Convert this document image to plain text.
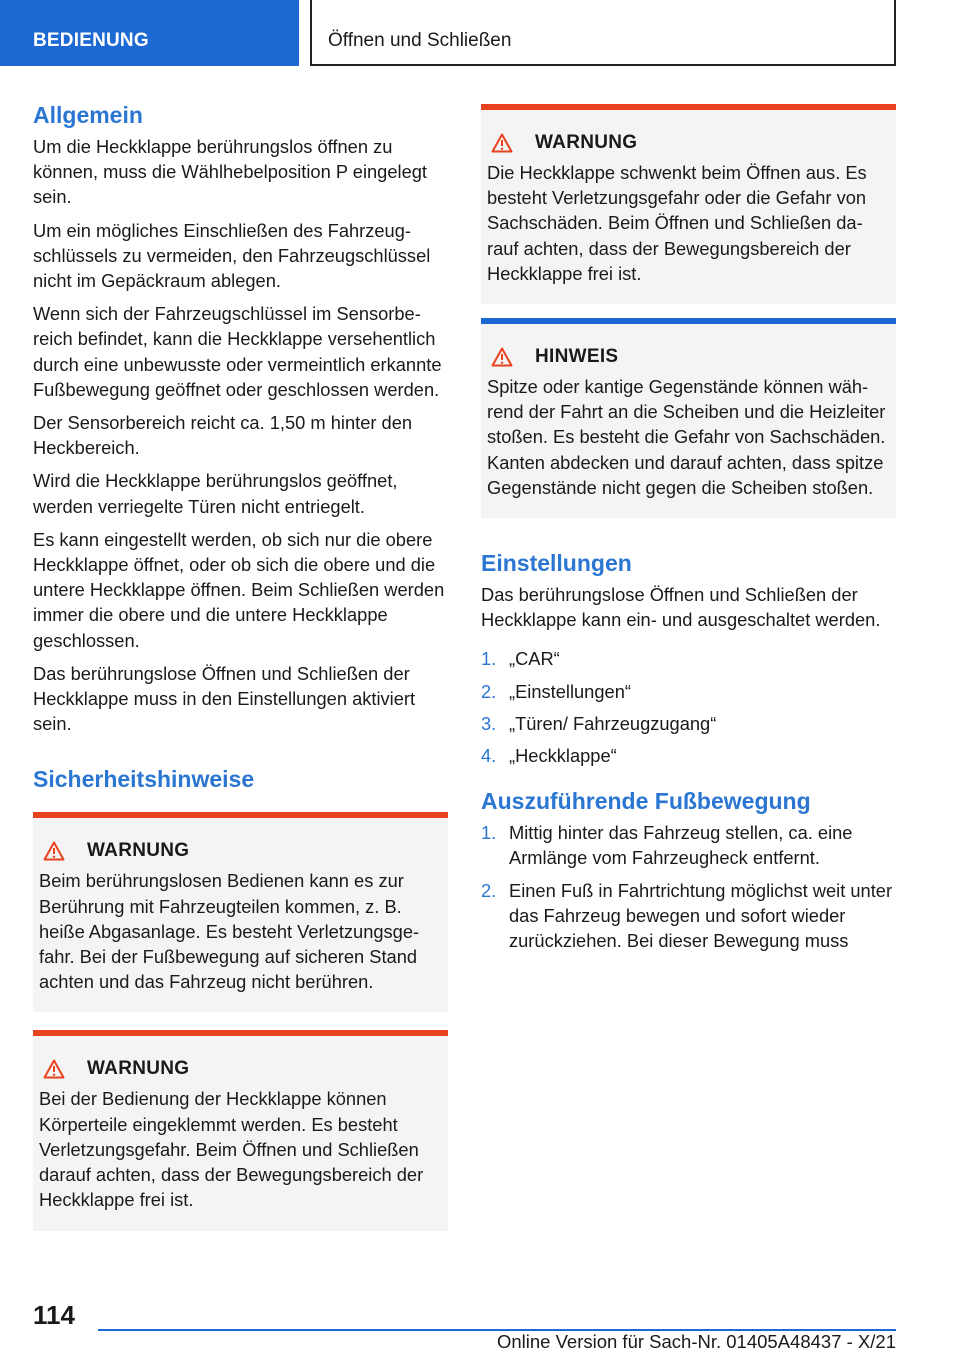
BEDIENUNG	Öffnen und Schließen
Allgemein

Um die Heckklappe berührungslos öffnen zu können, muss die Wählhebelposition P eingelegt sein.

Um ein mögliches Einschließen des Fahrzeugschlüssels zu vermeiden, den Fahrzeugschlüssel nicht im Gepäckraum ablegen.

Wenn sich der Fahrzeugschlüssel im Sensorbereich befindet, kann die Heckklappe versehentlich durch eine unbewusste oder vermeintlich erkannte Fußbewegung geöffnet oder geschlossen werden.

Der Sensorbereich reicht ca. 1,50 m hinter den Heckbereich.

Wird die Heckklappe berührungslos geöffnet, werden verriegelte Türen nicht entriegelt.

Es kann eingestellt werden, ob sich nur die obere Heckklappe öffnet, oder ob sich die obere und die untere Heckklappe öffnen. Beim Schließen werden immer die obere und die untere Heckklappe geschlossen.

Das berührungslose Öffnen und Schließen der Heckklappe muss in den Einstellungen aktiviert sein.

Sicherheitshinweise
WARNUNG

Beim berührungslosen Bedienen kann es zur Berührung mit Fahrzeugteilen kommen, z. B. heiße Abgasanlage. Es besteht Verletzungsgefahr. Bei der Fußbewegung auf sicheren Stand achten und das Fahrzeug nicht berühren.

WARNUNG

Bei der Bedienung der Heckklappe können Körperteile eingeklemmt werden. Es besteht Verletzungsgefahr. Beim Öffnen und Schließen darauf achten, dass der Bewegungsbereich der Heckklappe frei ist.

WARNUNG

Die Heckklappe schwenkt beim Öffnen aus. Es besteht Verletzungsgefahr oder die Gefahr von Sachschäden. Beim Öffnen und Schließen darauf achten, dass der Bewegungsbereich der Heckklappe frei ist.

HINWEIS

Spitze oder kantige Gegenstände können während der Fahrt an die Scheiben und die Heizleiter stoßen. Es besteht die Gefahr von Sachschäden. Kanten abdecken und darauf achten, dass spitze Gegenstände nicht gegen die Scheiben stoßen.

Einstellungen

Das berührungslose Öffnen und Schließen der Heckklappe kann ein- und ausgeschaltet werden.

1. „CAR“
2. „Einstellungen“
3. „Türen/ Fahrzeugzugang“
4. „Heckklappe“
Auszuführende Fußbewegung
1. Mittig hinter das Fahrzeug stellen, ca. eine Armlänge vom Fahrzeugheck entfernt.
2. Einen Fuß in Fahrtrichtung möglichst weit unter das Fahrzeug bewegen und sofort wieder zurückziehen. Bei dieser Bewegung muss
114
Online Version für Sach-Nr. 01405A48437 - X/21
